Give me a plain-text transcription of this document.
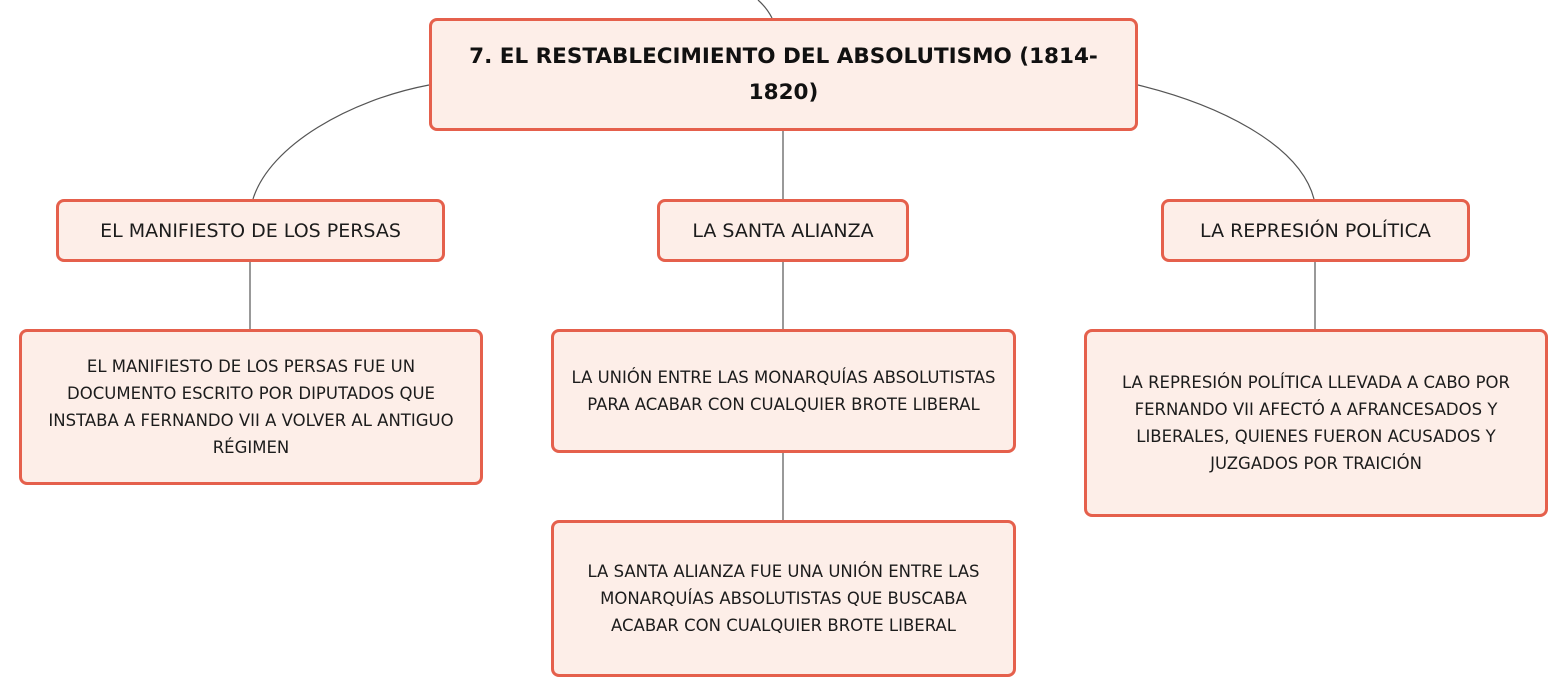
7. EL RESTABLECIMIENTO DEL ABSOLUTISMO (1814-1820)
EL MANIFIESTO DE LOS PERSAS	LA SANTA ALIANZA	LA REPRESIÓN POLÍTICA
EL MANIFIESTO DE LOS PERSAS FUE UN DOCUMENTO ESCRITO POR DIPUTADOS QUE INSTABA A FERNANDO VII A VOLVER AL ANTIGUO RÉGIMEN
LA UNIÓN ENTRE LAS MONARQUÍAS ABSOLUTISTAS PARA ACABAR CON CUALQUIER BROTE LIBERAL
LA SANTA ALIANZA FUE UNA UNIÓN ENTRE LAS MONARQUÍAS ABSOLUTISTAS QUE BUSCABA ACABAR CON CUALQUIER BROTE LIBERAL
LA REPRESIÓN POLÍTICA LLEVADA A CABO POR FERNANDO VII AFECTÓ A AFRANCESADOS Y LIBERALES, QUIENES FUERON ACUSADOS Y JUZGADOS POR TRAICIÓN
